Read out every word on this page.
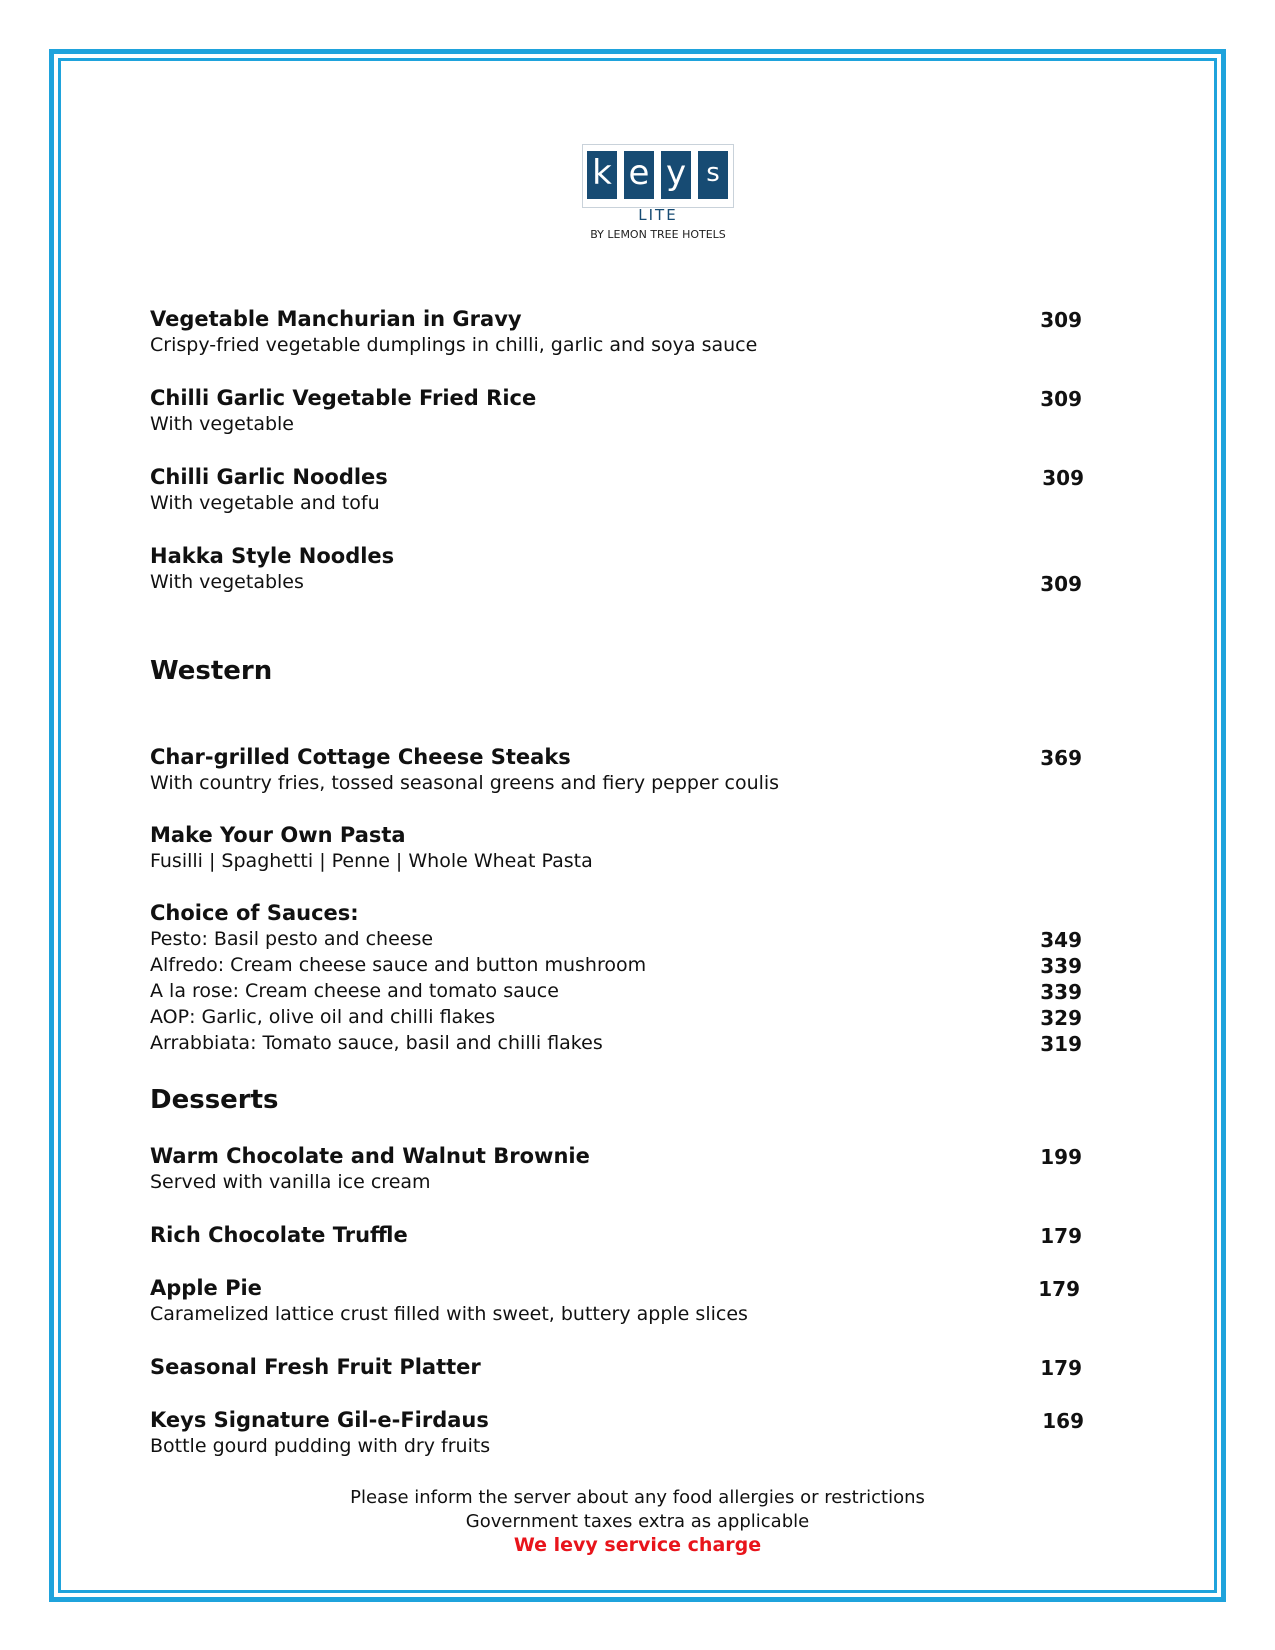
k e y s
LITE
BY LEMON TREE HOTELS
Vegetable Manchurian in Gravy	309
Crispy-fried vegetable dumplings in chilli, garlic and soya sauce
Chilli Garlic Vegetable Fried Rice	309
With vegetable
Chilli Garlic Noodles	309
With vegetable and tofu
Hakka Style Noodles
With vegetables	309
Western
Char-grilled Cottage Cheese Steaks	369
With country fries, tossed seasonal greens and fiery pepper coulis
Make Your Own Pasta
Fusilli | Spaghetti | Penne | Whole Wheat Pasta
Choice of Sauces:
Pesto: Basil pesto and cheese	349
Alfredo: Cream cheese sauce and button mushroom	339
A la rose: Cream cheese and tomato sauce	339
AOP: Garlic, olive oil and chilli flakes	329
Arrabbiata: Tomato sauce, basil and chilli flakes	319
Desserts
Warm Chocolate and Walnut Brownie	199
Served with vanilla ice cream
Rich Chocolate Truffle	179
Apple Pie	179
Caramelized lattice crust filled with sweet, buttery apple slices
Seasonal Fresh Fruit Platter	179
Keys Signature Gil-e-Firdaus	169
Bottle gourd pudding with dry fruits
Please inform the server about any food allergies or restrictions
Government taxes extra as applicable
We levy service charge
